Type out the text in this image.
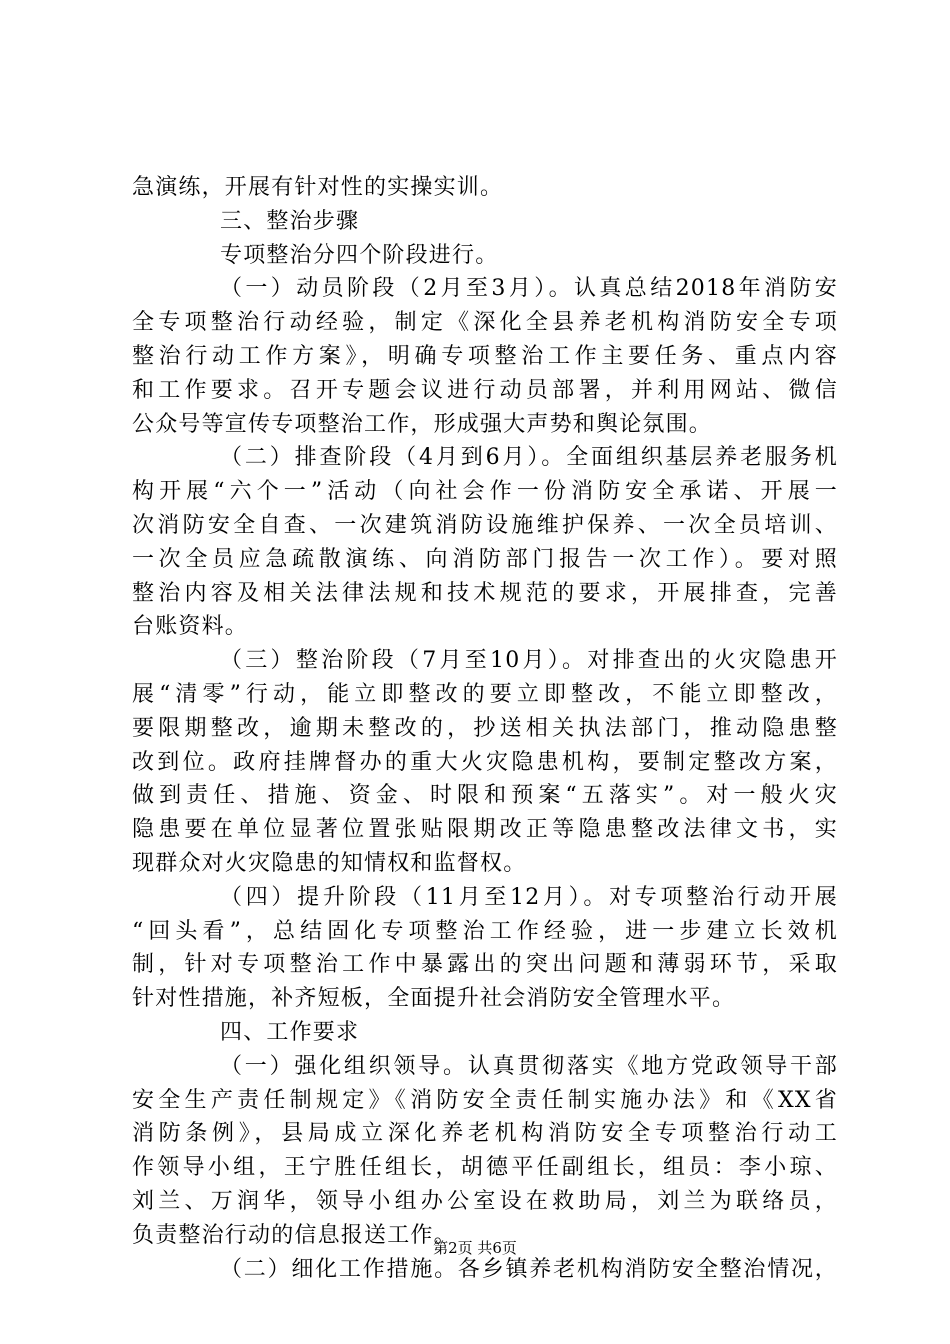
急演练，开展有针对性的实操实训。
三、整治步骤
专项整治分四个阶段进行。
（一）动员阶段（2月至3月）。认真总结2018年消防安
全专项整治行动经验，制定《深化全县养老机构消防安全专项
整治行动工作方案》，明确专项整治工作主要任务、重点内容
和工作要求。召开专题会议进行动员部署，并利用网站、微信
公众号等宣传专项整治工作，形成强大声势和舆论氛围。
（二）排查阶段（4月到6月）。全面组织基层养老服务机
构开展“六个一”活动（向社会作一份消防安全承诺、开展一
次消防安全自查、一次建筑消防设施维护保养、一次全员培训、
一次全员应急疏散演练、向消防部门报告一次工作）。要对照
整治内容及相关法律法规和技术规范的要求，开展排查，完善
台账资料。
（三）整治阶段（7月至10月）。对排查出的火灾隐患开
展“清零”行动，能立即整改的要立即整改，不能立即整改，
要限期整改，逾期未整改的，抄送相关执法部门，推动隐患整
改到位。政府挂牌督办的重大火灾隐患机构，要制定整改方案，
做到责任、措施、资金、时限和预案“五落实”。对一般火灾
隐患要在单位显著位置张贴限期改正等隐患整改法律文书，实
现群众对火灾隐患的知情权和监督权。
（四）提升阶段（11月至12月）。对专项整治行动开展
“回头看”，总结固化专项整治工作经验，进一步建立长效机
制，针对专项整治工作中暴露出的突出问题和薄弱环节，采取
针对性措施，补齐短板，全面提升社会消防安全管理水平。
四、工作要求
（一）强化组织领导。认真贯彻落实《地方党政领导干部
安全生产责任制规定》《消防安全责任制实施办法》和《XX省
消防条例》，县局成立深化养老机构消防安全专项整治行动工
作领导小组，王宁胜任组长，胡德平任副组长，组员：李小琼、
刘兰、万润华，领导小组办公室设在救助局，刘兰为联络员，
负责整治行动的信息报送工作。
（二）细化工作措施。各乡镇养老机构消防安全整治情况，
第2页 共6页
